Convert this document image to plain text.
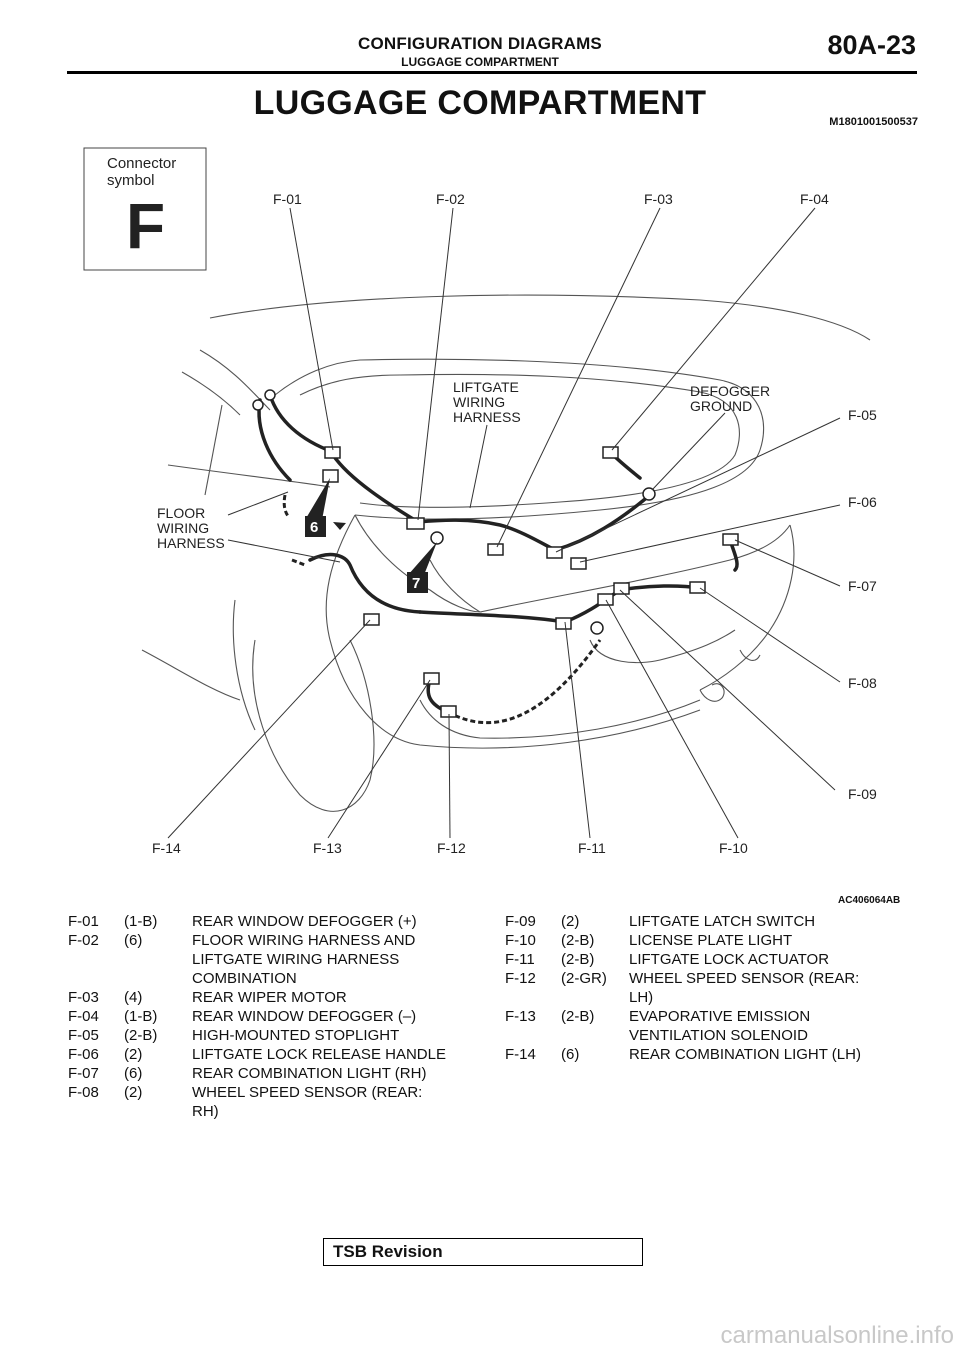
CONFIGURATION DIAGRAMS
LUGGAGE COMPARTMENT
80A-23
LUGGAGE COMPARTMENT	M1801001500537
Connector
symbol
F
6
7
F-01	F-02	F-03	F-04
F-05
F-06
F-07
F-08
F-09
F-10
F-11
F-12
F-13
F-14
LIFTGATE
WIRING
HARNESS
DEFOGGER
GROUND
FLOOR
WIRING
HARNESS
AC406064AB
F-01	(1-B)	REAR WINDOW DEFOGGER (+)
F-02	(6)	FLOOR WIRING HARNESS AND
LIFTGATE WIRING HARNESS
COMBINATION
F-03	(4)	REAR WIPER MOTOR
F-04	(1-B)	REAR WINDOW DEFOGGER (–)
F-05	(2-B)	HIGH-MOUNTED STOPLIGHT
F-06	(2)	LIFTGATE LOCK RELEASE HANDLE
F-07	(6)	REAR COMBINATION LIGHT (RH)
F-08	(2)	WHEEL SPEED SENSOR (REAR:
RH)
F-09	(2)	LIFTGATE LATCH SWITCH
F-10	(2-B)	LICENSE PLATE LIGHT
F-11	(2-B)	LIFTGATE LOCK ACTUATOR
F-12	(2-GR)	WHEEL SPEED SENSOR (REAR:
LH)
F-13	(2-B)	EVAPORATIVE EMISSION
VENTILATION SOLENOID
F-14	(6)	REAR COMBINATION LIGHT (LH)
TSB Revision
carmanualsonline.info
